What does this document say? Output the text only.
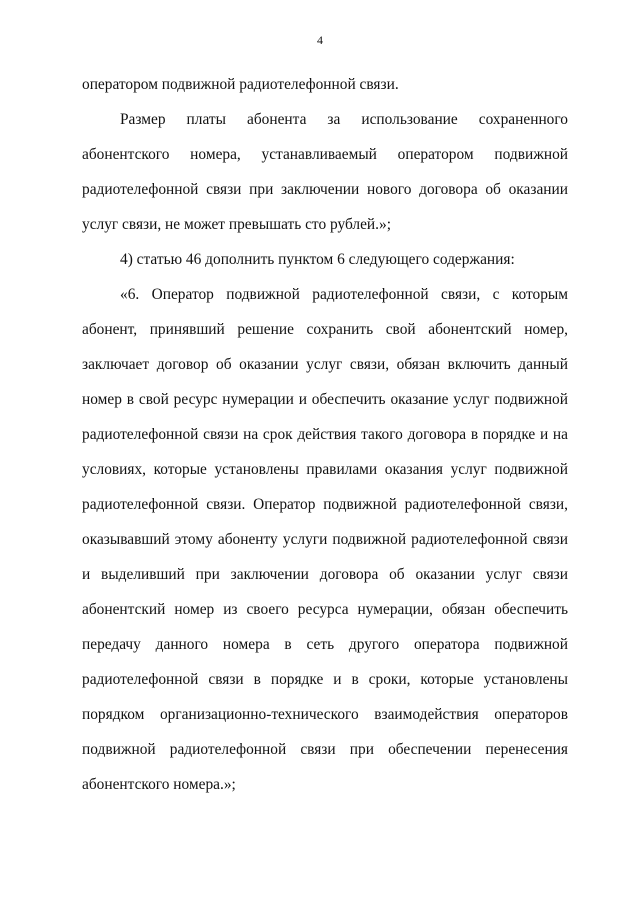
4

оператором подвижной радиотелефонной связи.

Размер платы абонента за использование сохраненного абонентского номера, устанавливаемый оператором подвижной радиотелефонной связи при заключении нового договора об оказании услуг связи, не может превышать сто рублей.»;

4) статью 46 дополнить пунктом 6 следующего содержания:

«6. Оператор подвижной радиотелефонной связи, с которым абонент, принявший решение сохранить свой абонентский номер, заключает договор об оказании услуг связи, обязан включить данный номер в свой ресурс нумерации и обеспечить оказание услуг подвижной радиотелефонной связи на срок действия такого договора в порядке и на условиях, которые установлены правилами оказания услуг подвижной радиотелефонной связи. Оператор подвижной радиотелефонной связи, оказывавший этому абоненту услуги подвижной радиотелефонной связи и выделивший при заключении договора об оказании услуг связи абонентский номер из своего ресурса нумерации, обязан обеспечить передачу данного номера в сеть другого оператора подвижной радиотелефонной связи в порядке и в сроки, которые установлены порядком организационно-технического взаимодействия операторов подвижной радиотелефонной связи при обеспечении перенесения абонентского номера.»;
